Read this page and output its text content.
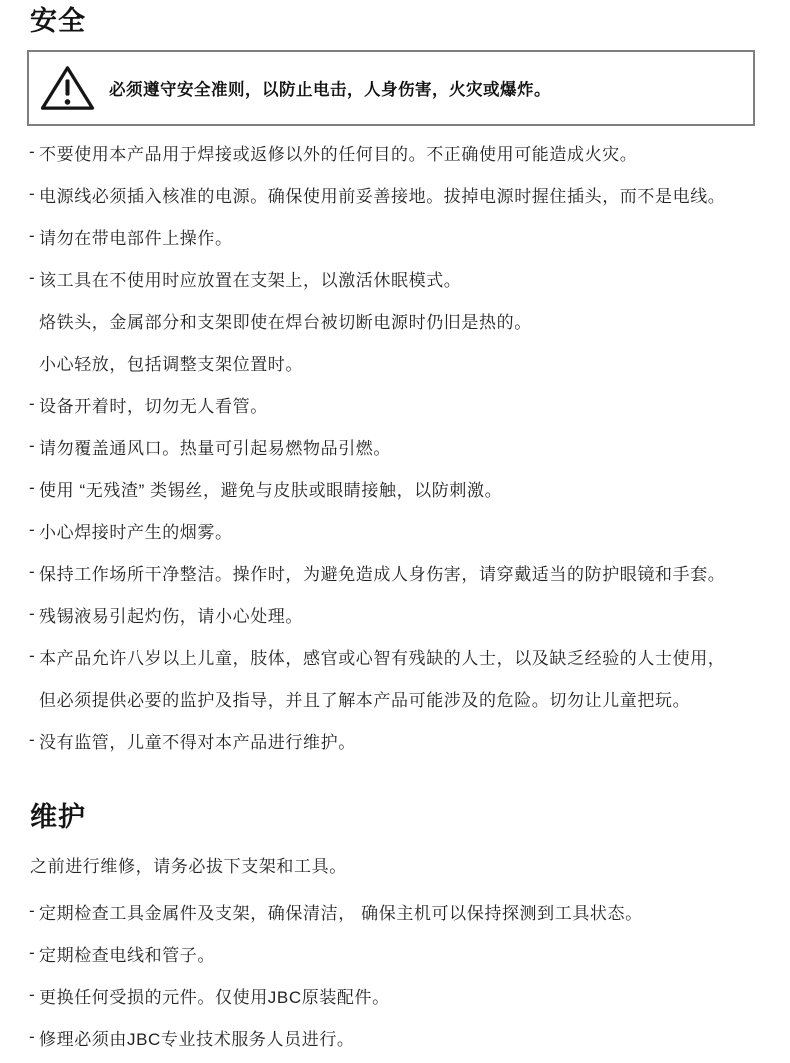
安全

必须遵守安全准则，以防止电击，人身伤害，火灾或爆炸。

- 不要使用本产品用于焊接或返修以外的任何目的。不正确使用可能造成火灾。
- 电源线必须插入核准的电源。确保使用前妥善接地。拔掉电源时握住插头，而不是电线。
- 请勿在带电部件上操作。
- 该工具在不使用时应放置在支架上，以激活休眠模式。
烙铁头，金属部分和支架即使在焊台被切断电源时仍旧是热的。
小心轻放，包括调整支架位置时。
- 设备开着时，切勿无人看管。
- 请勿覆盖通风口。热量可引起易燃物品引燃。
- 使用 “无残渣” 类锡丝，避免与皮肤或眼睛接触，以防刺激。
- 小心焊接时产生的烟雾。
- 保持工作场所干净整洁。操作时，为避免造成人身伤害，请穿戴适当的防护眼镜和手套。
- 残锡液易引起灼伤，请小心处理。
- 本产品允许八岁以上儿童，肢体，感官或心智有残缺的人士，以及缺乏经验的人士使用，
但必须提供必要的监护及指导，并且了解本产品可能涉及的危险。切勿让儿童把玩。
- 没有监管，儿童不得对本产品进行维护。
维护
之前进行维修，请务必拔下支架和工具。
- 定期检查工具金属件及支架，确保清洁， 确保主机可以保持探测到工具状态。
- 定期检查电线和管子。
- 更换任何受损的元件。仅使用JBC原装配件。
- 修理必须由JBC专业技术服务人员进行。
